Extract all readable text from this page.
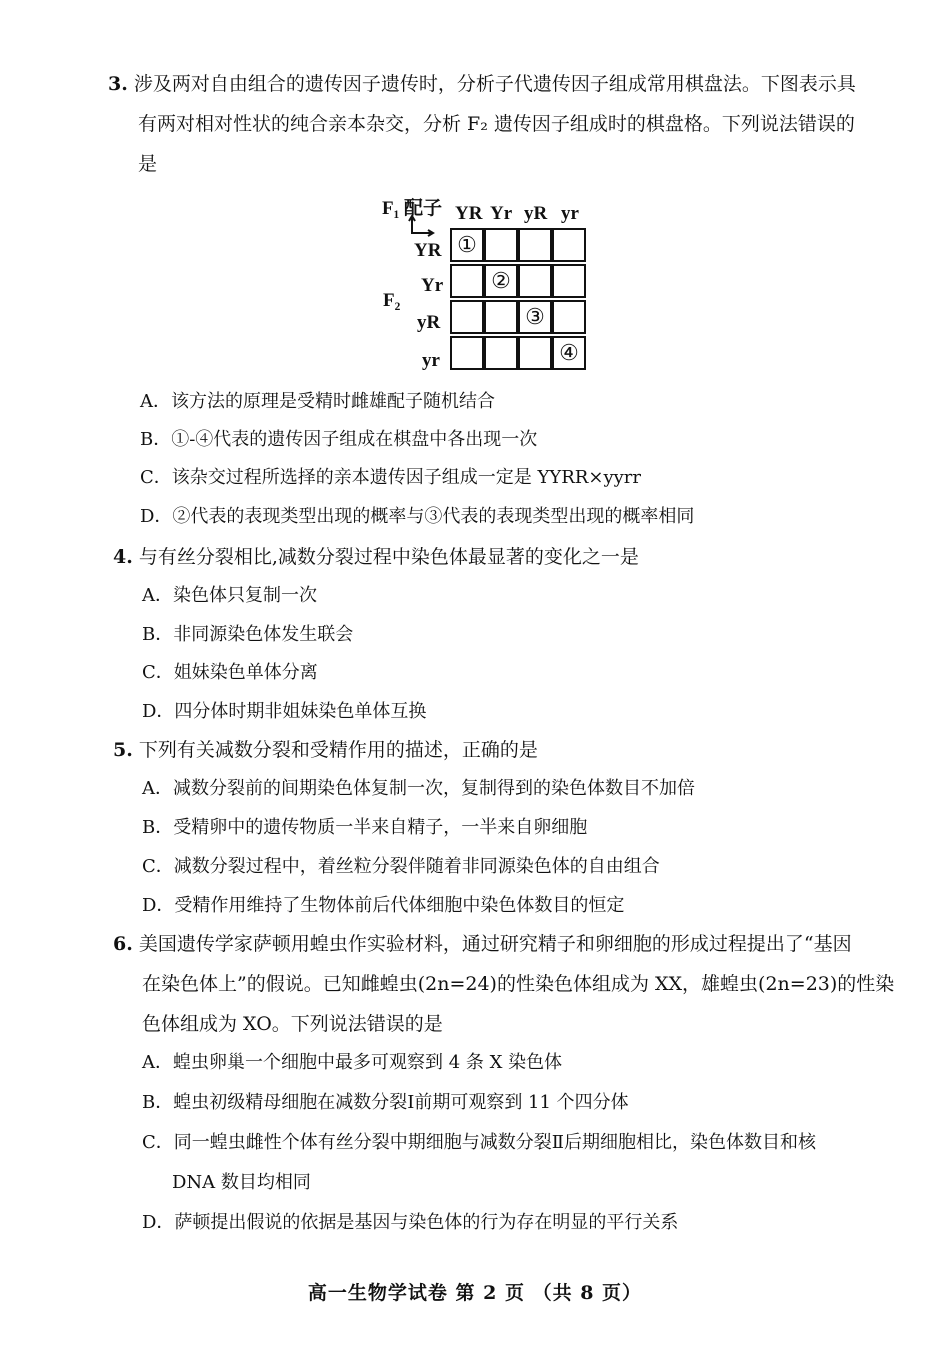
3. 涉及两对自由组合的遗传因子遗传时，分析子代遗传因子组成常用棋盘法。下图表示具
有两对相对性状的纯合亲本杂交，分析 F₂ 遗传因子组成时的棋盘格。下列说法错误的
是
F₁ 配子 YR Yr yR yr
YR
Yr
yR
yr
F₂
①
②
③
④
A．该方法的原理是受精时雌雄配子随机结合
B．①-④代表的遗传因子组成在棋盘中各出现一次
C．该杂交过程所选择的亲本遗传因子组成一定是 YYRR×yyrr
D．②代表的表现类型出现的概率与③代表的表现类型出现的概率相同
4. 与有丝分裂相比,减数分裂过程中染色体最显著的变化之一是
A．染色体只复制一次
B．非同源染色体发生联会
C．姐妹染色单体分离
D．四分体时期非姐妹染色单体互换
5. 下列有关减数分裂和受精作用的描述，正确的是
A．减数分裂前的间期染色体复制一次，复制得到的染色体数目不加倍
B．受精卵中的遗传物质一半来自精子，一半来自卵细胞
C．减数分裂过程中，着丝粒分裂伴随着非同源染色体的自由组合
D．受精作用维持了生物体前后代体细胞中染色体数目的恒定
6. 美国遗传学家萨顿用蝗虫作实验材料，通过研究精子和卵细胞的形成过程提出了“基因
在染色体上”的假说。已知雌蝗虫(2n=24)的性染色体组成为 XX，雄蝗虫(2n=23)的性染
色体组成为 XO。下列说法错误的是
A．蝗虫卵巢一个细胞中最多可观察到 4 条 X 染色体
B．蝗虫初级精母细胞在减数分裂Ⅰ前期可观察到 11 个四分体
C．同一蝗虫雌性个体有丝分裂中期细胞与减数分裂Ⅱ后期细胞相比，染色体数目和核
DNA 数目均相同
D．萨顿提出假说的依据是基因与染色体的行为存在明显的平行关系
高一生物学试卷 第 2 页 （共 8 页）
